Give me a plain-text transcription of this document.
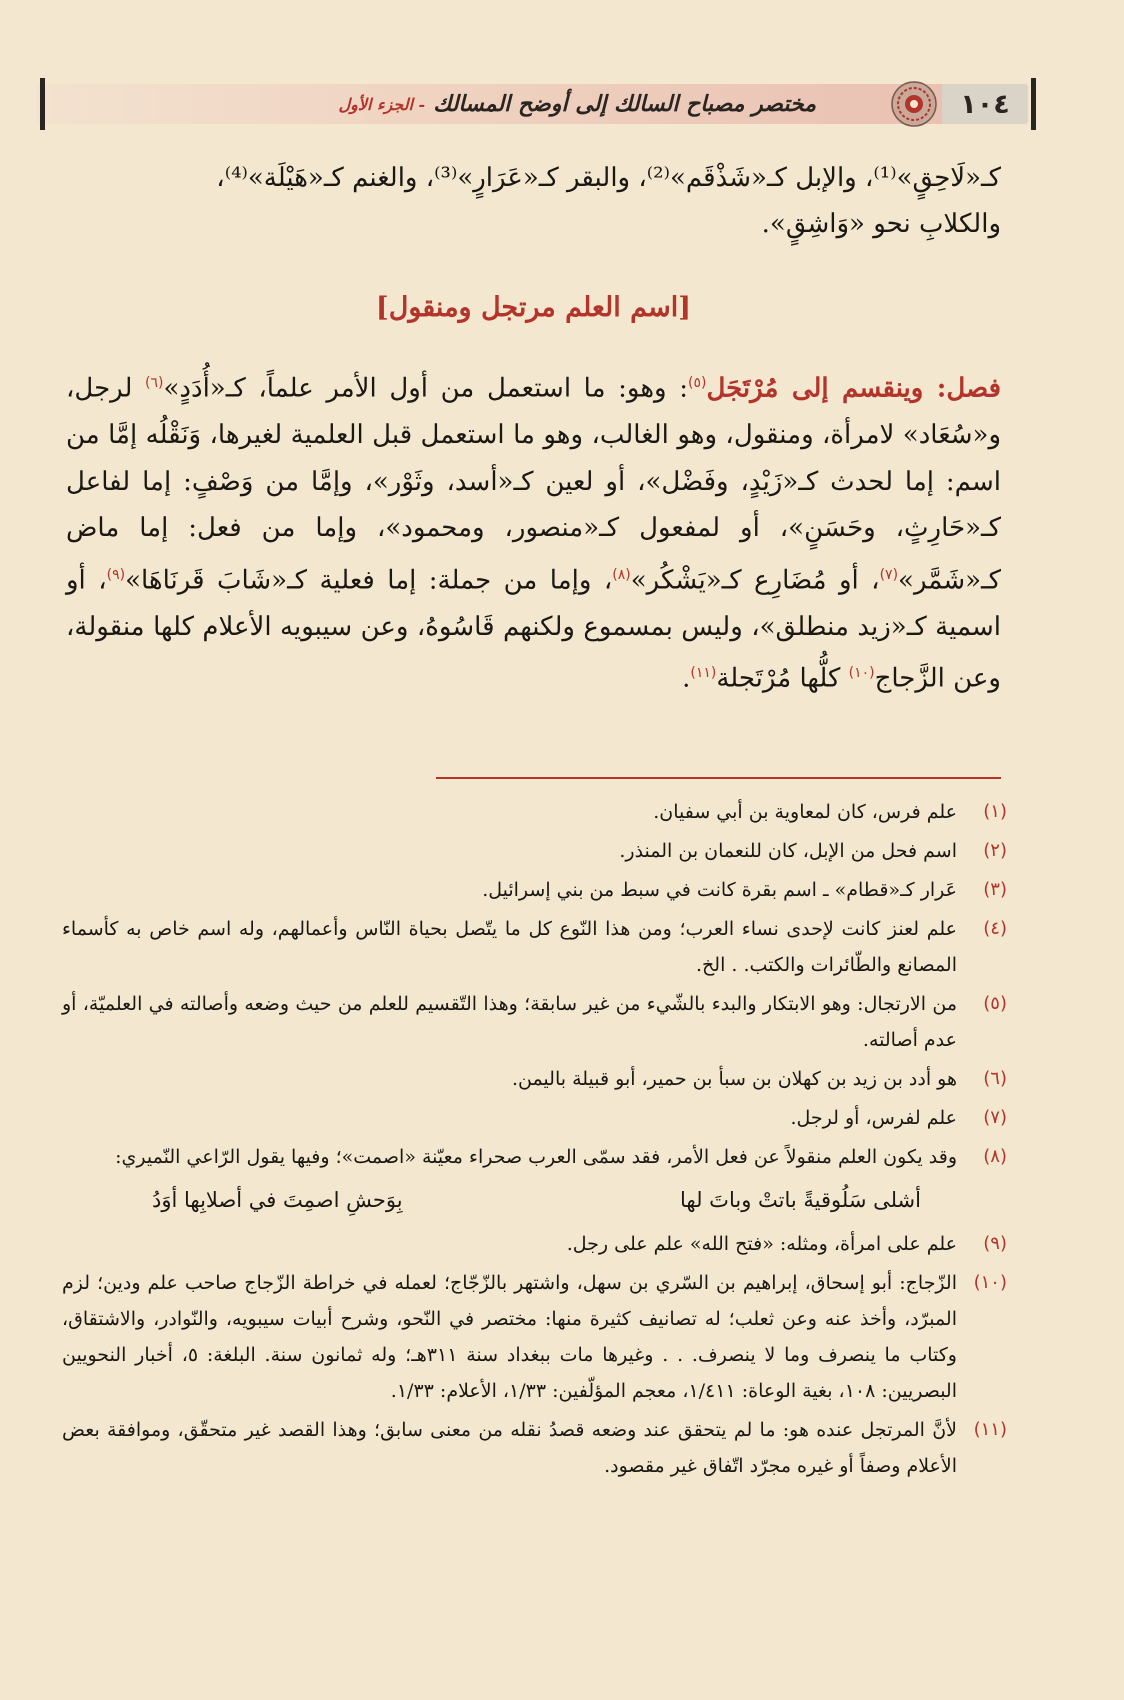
١٠٤
مختصر مصباح السالك إلى أوضح المسالك
- الجزء الأول

كـ«لَاحِقٍ»⁽¹⁾، والإبل كـ«شَذْقَم»⁽²⁾، والبقر كـ«عَرَارٍ»⁽³⁾، والغنم كـ«هَيْلَة»⁽⁴⁾،

والكلابِ نحو «وَاشِقٍ».

[اسم العلم مرتجل ومنقول]

فصل: وينقسم إلى مُرْتَجَل$^{(٥)}$: وهو: ما استعمل من أول الأمر علماً، كـ«أُدَدٍ»$^{(٦)}$ لرجل، و«سُعَاد» لامرأة، ومنقول، وهو الغالب، وهو ما استعمل قبل العلمية لغيرها، وَنَقْلُه إمَّا من اسم: إما لحدث كـ«زَيْدٍ، وفَضْل»، أو لعين كـ«أسد، وثَوْر»، وإمَّا من وَصْفٍ: إما لفاعل كـ«حَارِثٍ، وحَسَنٍ»، أو لمفعول كـ«منصور، ومحمود»، وإما من فعل: إما ماض كـ«شَمَّر»$^{(٧)}$، أو مُضَارِع كـ«يَشْكُر»$^{(٨)}$، وإما من جملة: إما فعلية كـ«شَابَ قَرنَاهَا»$^{(٩)}$، أو اسمية كـ«زيد منطلق»، وليس بمسموع ولكنهم قَاسُوهُ، وعن سيبويه الأعلام كلها منقولة، وعن الزَّجاج$^{(١٠)}$ كلُّها مُرْتَجلة$^{(١١)}$.

(١)
علم فرس، كان لمعاوية بن أبي سفيان.
(٢)
اسم فحل من الإبل، كان للنعمان بن المنذر.
(٣)
عَرار كـ«قطام» ـ اسم بقرة كانت في سبط من بني إسرائيل.
(٤)
علم لعنز كانت لإحدى نساء العرب؛ ومن هذا النّوع كل ما يتّصل بحياة النّاس وأعمالهم، وله اسم خاص به كأسماء المصانع والطّائرات والكتب. . الخ.
(٥)
من الارتجال: وهو الابتكار والبدء بالشّيء من غير سابقة؛ وهذا التّقسيم للعلم من حيث وضعه وأصالته في العلميّة، أو عدم أصالته.
(٦)
هو أدد بن زيد بن كهلان بن سبأ بن حمير، أبو قبيلة باليمن.
(٧)
علم لفرس، أو لرجل.
(٨)
وقد يكون العلم منقولاً عن فعل الأمر، فقد سمّى العرب صحراء معيّنة «اصمت»؛ وفيها يقول الرّاعي النّميري:
أشلى سَلُوقيةً باتتْ وباتَ لها
بِوَحشِ اصمِتَ في أصلابِها أوَدُ
(٩)
علم على امرأة، ومثله: «فتح الله» علم على رجل.
(١٠)
الزّجاج: أبو إسحاق، إبراهيم بن السّري بن سهل، واشتهر بالزّجّاج؛ لعمله في خراطة الزّجاج صاحب علم ودين؛ لزم المبرّد، وأخذ عنه وعن ثعلب؛ له تصانيف كثيرة منها: مختصر في النّحو، وشرح أبيات سيبويه، والنّوادر، والاشتقاق، وكتاب ما ينصرف وما لا ينصرف. . . وغيرها مات ببغداد سنة ٣١١هـ؛ وله ثمانون سنة. البلغة: ٥، أخبار النحويين البصريين: ١٠٨، بغية الوعاة: ١/٤١١، معجم المؤلّفين: ١/٣٣، الأعلام: ١/٣٣.
(١١)
لأنَّ المرتجل عنده هو: ما لم يتحقق عند وضعه قصدُ نقله من معنى سابق؛ وهذا القصد غير متحقّق، وموافقة بعض الأعلام وصفاً أو غيره مجرّد اتّفاق غير مقصود.
